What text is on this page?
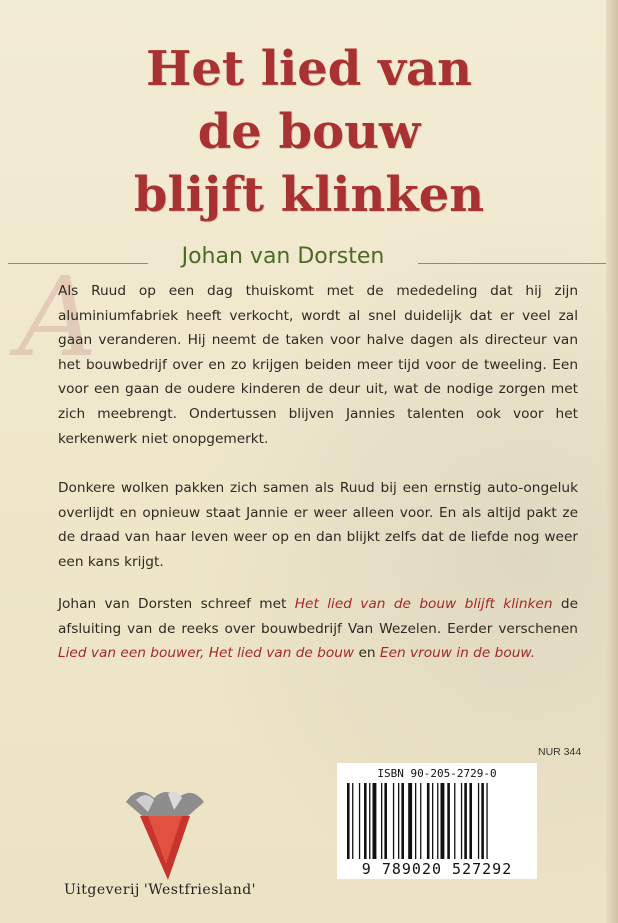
Het lied van
de bouw
blijft klinken
Johan van Dorsten
A

Als Ruud op een dag thuiskomt met de mededeling dat hij zijn aluminiumfabriek heeft verkocht, wordt al snel duidelijk dat er veel zal gaan veranderen. Hij neemt de taken voor halve dagen als directeur van het bouwbedrijf over en zo krijgen beiden meer tijd voor de tweeling. Een voor een gaan de oudere kinderen de deur uit, wat de nodige zorgen met zich meebrengt. Ondertussen blijven Jannies talenten ook voor het kerkenwerk niet onopgemerkt.

Donkere wolken pakken zich samen als Ruud bij een ernstig auto-ongeluk overlijdt en opnieuw staat Jannie er weer alleen voor. En als altijd pakt ze de draad van haar leven weer op en dan blijkt zelfs dat de liefde nog weer een kans krijgt.

Johan van Dorsten schreef met Het lied van de bouw blijft klinken de afsluiting van de reeks over bouwbedrijf Van Wezelen. Eerder verschenen Lied van een bouwer, Het lied van de bouw en Een vrouw in de bouw.

NUR 344
ISBN 90-205-2729-0
9 789020 527292
Uitgeverij 'Westfriesland'
